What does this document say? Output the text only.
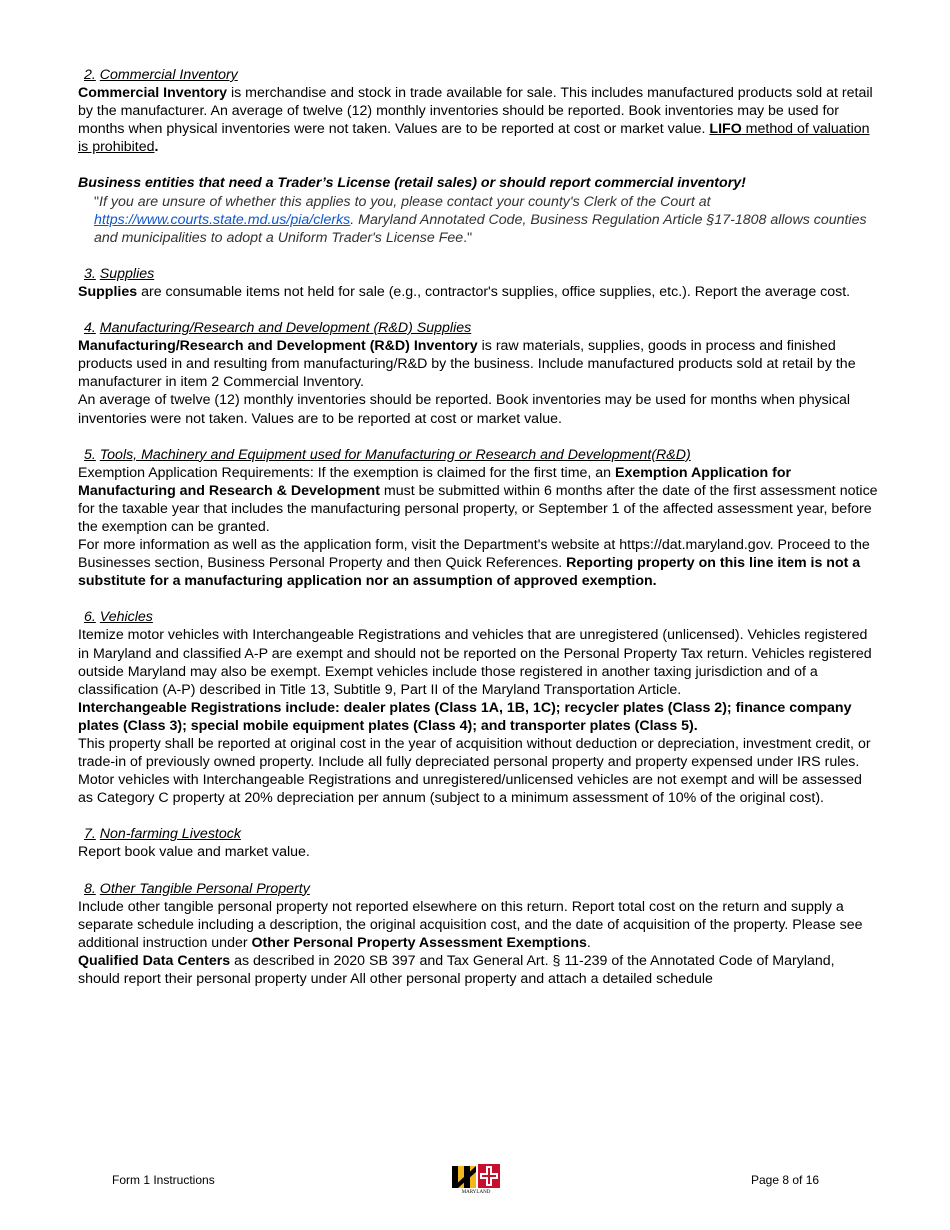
2. Commercial Inventory

Commercial Inventory is merchandise and stock in trade available for sale. This includes manufactured products sold at retail by the manufacturer. An average of twelve (12) monthly inventories should be reported. Book inventories may be used for months when physical inventories were not taken. Values are to be reported at cost or market value. LIFO method of valuation is prohibited.

Business entities that need a Trader’s License (retail sales) or should report commercial inventory!

"If you are unsure of whether this applies to you, please contact your county's Clerk of the Court at https://www.courts.state.md.us/pia/clerks. Maryland Annotated Code, Business Regulation Article §17-1808 allows counties and municipalities to adopt a Uniform Trader's License Fee."

3. Supplies

Supplies are consumable items not held for sale (e.g., contractor's supplies, office supplies, etc.). Report the average cost.

4. Manufacturing/Research and Development (R&D) Supplies

Manufacturing/Research and Development (R&D) Inventory is raw materials, supplies, goods in process and finished products used in and resulting from manufacturing/R&D by the business. Include manufactured products sold at retail by the manufacturer in item 2 Commercial Inventory.

An average of twelve (12) monthly inventories should be reported. Book inventories may be used for months when physical inventories were not taken. Values are to be reported at cost or market value.

5. Tools, Machinery and Equipment used for Manufacturing or Research and Development(R&D)

Exemption Application Requirements: If the exemption is claimed for the first time, an Exemption Application for Manufacturing and Research & Development must be submitted within 6 months after the date of the first assessment notice for the taxable year that includes the manufacturing personal property, or September 1 of the affected assessment year, before the exemption can be granted.

For more information as well as the application form, visit the Department's website at https://dat.maryland.gov. Proceed to the Businesses section, Business Personal Property and then Quick References. Reporting property on this line item is not a substitute for a manufacturing application nor an assumption of approved exemption.

6. Vehicles

Itemize motor vehicles with Interchangeable Registrations and vehicles that are unregistered (unlicensed). Vehicles registered in Maryland and classified A-P are exempt and should not be reported on the Personal Property Tax return. Vehicles registered outside Maryland may also be exempt. Exempt vehicles include those registered in another taxing jurisdiction and of a classification (A-P) described in Title 13, Subtitle 9, Part II of the Maryland Transportation Article.

Interchangeable Registrations include: dealer plates (Class 1A, 1B, 1C); recycler plates (Class 2); finance company plates (Class 3); special mobile equipment plates (Class 4); and transporter plates (Class 5).

This property shall be reported at original cost in the year of acquisition without deduction or depreciation, investment credit, or trade-in of previously owned property. Include all fully depreciated personal property and property expensed under IRS rules.

Motor vehicles with Interchangeable Registrations and unregistered/unlicensed vehicles are not exempt and will be assessed as Category C property at 20% depreciation per annum (subject to a minimum assessment of 10% of the original cost).

7. Non-farming Livestock

Report book value and market value.

8. Other Tangible Personal Property

Include other tangible personal property not reported elsewhere on this return. Report total cost on the return and supply a separate schedule including a description, the original acquisition cost, and the date of acquisition of the property. Please see additional instruction under Other Personal Property Assessment Exemptions.

Qualified Data Centers as described in 2020 SB 397 and Tax General Art. § 11-239 of the Annotated Code of Maryland, should report their personal property under All other personal property and attach a detailed schedule

Form 1 Instructions
MARYLAND
Page 8 of 16
